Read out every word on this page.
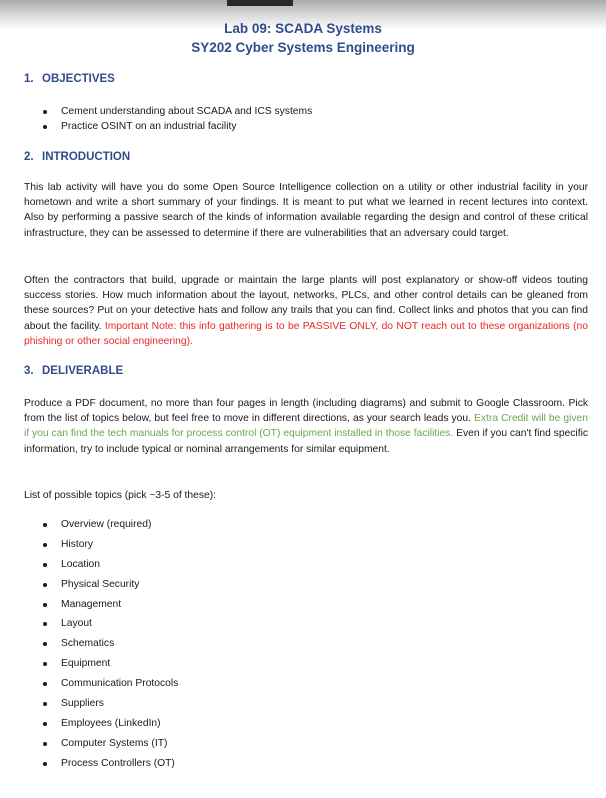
Lab 09: SCADA Systems
SY202 Cyber Systems Engineering
1. OBJECTIVES
Cement understanding about SCADA and ICS systems
Practice OSINT on an industrial facility
2. INTRODUCTION
This lab activity will have you do some Open Source Intelligence collection on a utility or other industrial facility in your hometown and write a short summary of your findings. It is meant to put what we learned in recent lectures into context. Also by performing a passive search of the kinds of information available regarding the design and control of these critical infrastructure, they can be assessed to determine if there are vulnerabilities that an adversary could target.
Often the contractors that build, upgrade or maintain the large plants will post explanatory or show-off videos touting success stories. How much information about the layout, networks, PLCs, and other control details can be gleaned from these sources? Put on your detective hats and follow any trails that you can find. Collect links and photos that you can find about the facility. Important Note: this info gathering is to be PASSIVE ONLY, do NOT reach out to these organizations (no phishing or other social engineering).
3. DELIVERABLE
Produce a PDF document, no more than four pages in length (including diagrams) and submit to Google Classroom. Pick from the list of topics below, but feel free to move in different directions, as your search leads you. Extra Credit will be given if you can find the tech manuals for process control (OT) equipment installed in those facilities. Even if you can't find specific information, try to include typical or nominal arrangements for similar equipment.
List of possible topics (pick ~3-5 of these):
Overview (required)
History
Location
Physical Security
Management
Layout
Schematics
Equipment
Communication Protocols
Suppliers
Employees (LinkedIn)
Computer Systems (IT)
Process Controllers (OT)
